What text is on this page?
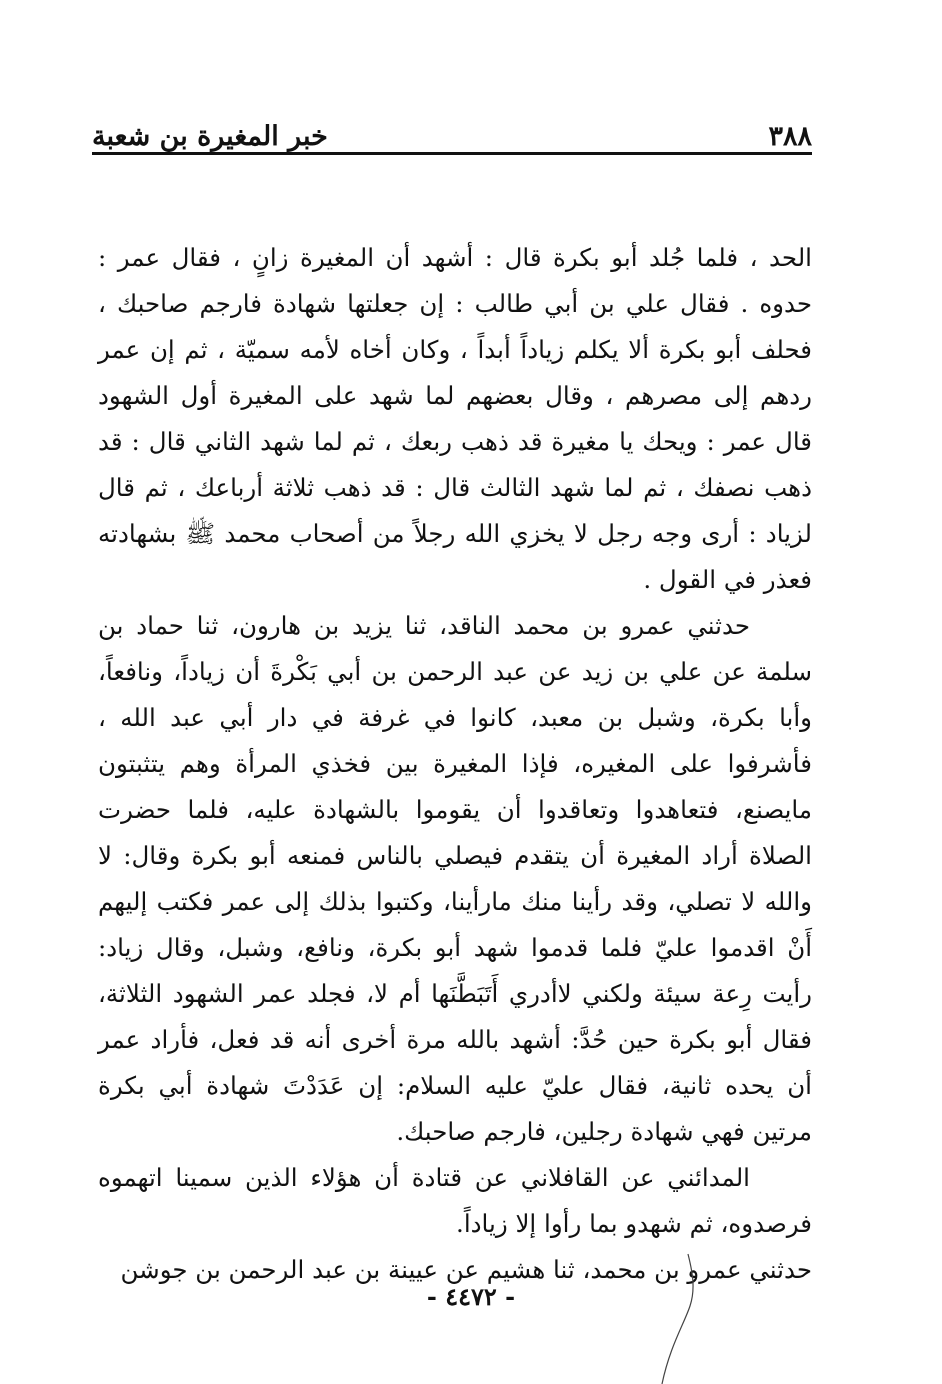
٣٨٨
خبر المغيرة بن شعبة

الحد ، فلما جُلد أبو بكرة قال : أشهد أن المغيرة زانٍ ، فقال عمر : حدوه . فقال علي بن أبي طالب : إن جعلتها شهادة فارجم صاحبك ، فحلف أبو بكرة ألا يكلم زياداً أبداً ، وكان أخاه لأمه سميّة ، ثم إن عمر ردهم إلى مصرهم ، وقال بعضهم لما شهد على المغيرة أول الشهود قال عمر : ويحك يا مغيرة قد ذهب ربعك ، ثم لما شهد الثاني قال : قد ذهب نصفك ، ثم لما شهد الثالث قال : قد ذهب ثلاثة أرباعك ، ثم قال لزياد : أرى وجه رجل لا يخزي الله رجلاً من أصحاب محمد ﷺ بشهادته فعذر في القول .

حدثني عمرو بن محمد الناقد، ثنا يزيد بن هارون، ثنا حماد بن سلمة عن علي بن زيد عن عبد الرحمن بن أبي بَكْرةَ أن زياداً، ونافعاً، وأبا بكرة، وشبل بن معبد، كانوا في غرفة في دار أبي عبد الله ، فأشرفوا على المغيره، فإذا المغيرة بين فخذي المرأة وهم يتثبتون مايصنع، فتعاهدوا وتعاقدوا أن يقوموا بالشهادة عليه، فلما حضرت الصلاة أراد المغيرة أن يتقدم فيصلي بالناس فمنعه أبو بكرة وقال: لا والله لا تصلي، وقد رأينا منك مارأينا، وكتبوا بذلك إلى عمر فكتب إليهم أَنْ اقدموا عليّ فلما قدموا شهد أبو بكرة، ونافع، وشبل، وقال زياد: رأيت رِعة سيئة ولكني لاأدري أَتَبَطَّنَها أم لا، فجلد عمر الشهود الثلاثة، فقال أبو بكرة حين حُدَّ: أشهد بالله مرة أخرى أنه قد فعل، فأراد عمر أن يحده ثانية، فقال عليّ عليه السلام: إن عَدَدْتَ شهادة أبي بكرة مرتين فهي شهادة رجلين، فارجم صاحبك.

المدائني عن القافلاني عن قتادة أن هؤلاء الذين سمينا اتهموه فرصدوه، ثم شهدو بما رأوا إلا زياداً.

حدثني عمرو بن محمد، ثنا هشيم عن عيينة بن عبد الرحمن بن جوشن

- ٤٤٧٢ -
